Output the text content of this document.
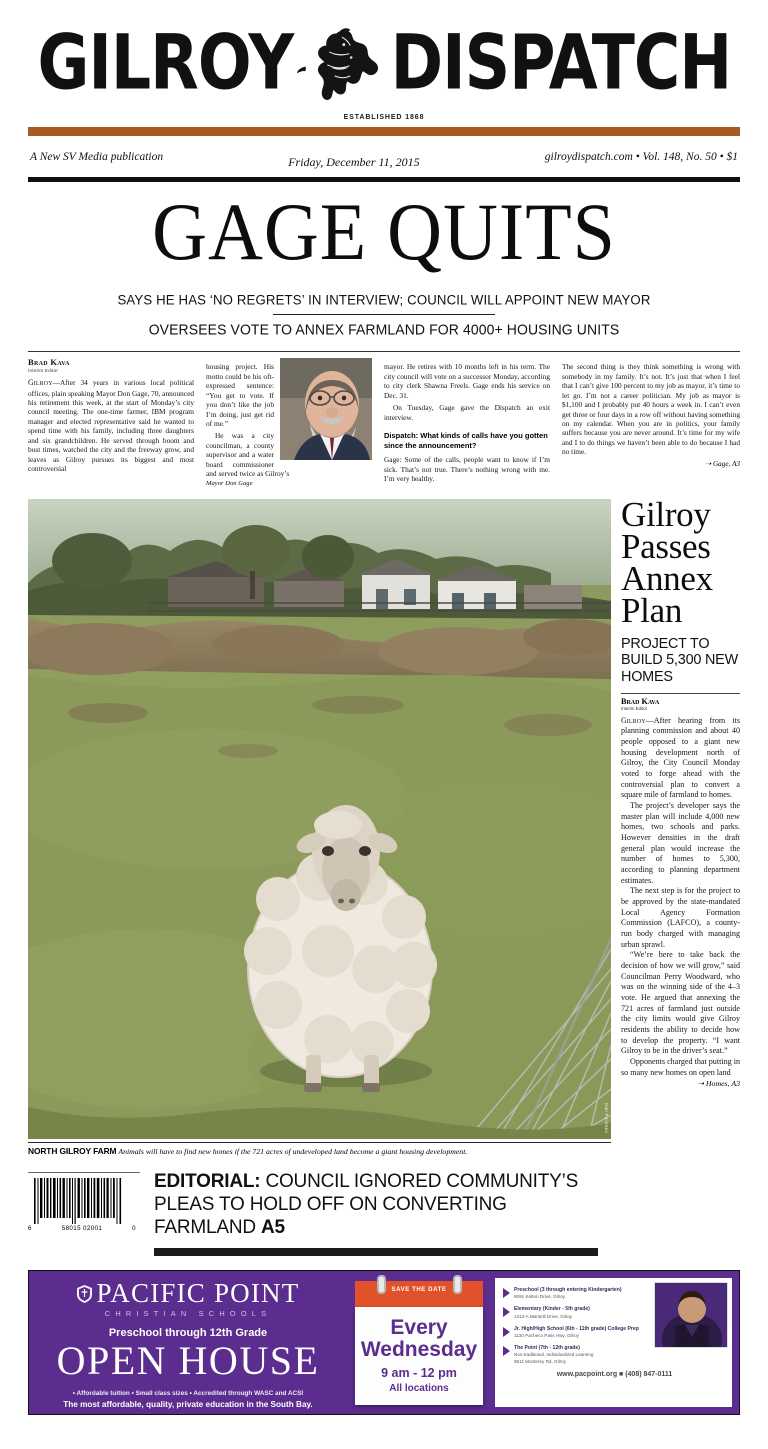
GILROY DISPATCH
ESTABLISHED 1868
A New SV Media publication	Friday, December 11, 2015	gilroydispatch.com • Vol. 148, No. 50 • $1
GAGE QUITS
SAYS HE HAS ‘NO REGRETS’ IN INTERVIEW; COUNCIL WILL APPOINT NEW MAYOR
OVERSEES VOTE TO ANNEX FARMLAND FOR 4000+ HOUSING UNITS
Brad Kava
Interim Editor
Gilroy—After 34 years in various local political offices, plain speaking Mayor Don Gage, 70, announced his retirement this week, at the start of Monday’s city council meeting. The one-time farmer, IBM program manager and elected representative said he wanted to spend time with his family, including three daughters and six grandchildren. He served through boom and bust times, watched the city and the freeway grow, and leaves as Gilroy pursues its biggest and most controversial
housing project. His motto could be his oft-expressed sentence: “You get to vote. If you don’t like the job I’m doing, just get rid of me.”
He was a city councilman, a county supervisor and a water board commissioner and served twice as Gilroy’s
Mayor Don Gage
mayor. He retires with 10 months left in his term. The city council will vote on a successor Monday, according to city clerk Shawna Freels. Gage ends his service on Dec. 31.
On Tuesday, Gage gave the Dispatch an exit interview.
Dispatch: What kinds of calls have you gotten since the announcement?
Gage: Some of the calls, people want to know if I’m sick. That’s not true. There’s nothing wrong with me. I’m very healthy.
The second thing is they think something is wrong with somebody in my family. It’s not. It’s just that when I feel that I can’t give 100 percent to my job as mayor, it’s time to let go. I’m not a career politician. My job as mayor is $1,100 and I probably put 40 hours a week in. I can’t even get three or four days in a row off without having something on my calendar. When you are in politics, your family suffers because you are never around. It’s time for my wife and I to do things we haven’t been able to do because I had no time.
➝ Gage, A3
Dan Pulcrano
NORTH GILROY FARM Animals will have to find new homes if the 721 acres of undeveloped land become a giant housing development.
Gilroy Passes Annex Plan
PROJECT TO BUILD 5,300 NEW HOMES
Brad Kava
Interim Editor
Gilroy—After hearing from its planning commission and about 40 people opposed to a giant new housing development north of Gilroy, the City Council Monday voted to forge ahead with the controversial plan to convert a square mile of farmland to homes.
The project’s developer says the master plan will include 4,000 new homes, two schools and parks. However densities in the draft general plan would increase the number of homes to 5,300, according to planning department estimates.
The next step is for the project to be approved by the state-mandated Local Agency Formation Commission (LAFCO), a county-run body charged with managing urban sprawl.
“We’re here to take back the decision of how we will grow,” said Councilman Perry Woodward, who was on the winning side of the 4–3 vote. He argued that annexing the 721 acres of farmland just outside the city limits would give Gilroy residents the ability to decide how to develop the property. “I want Gilroy to be in the driver’s seat.”
Opponents charged that putting in so many new homes on open land
➝ Homes, A3
6	58015 02001	0
EDITORIAL: COUNCIL IGNORED COMMUNITY’S PLEAS TO HOLD OFF ON CONVERTING FARMLAND A5
PACIFIC POINT
CHRISTIAN SCHOOLS
Preschool through 12th Grade
OPEN HOUSE
• Affordable tuition • Small class sizes • Accredited through WASC and ACSI
The most affordable, quality, private education in the South Bay.
SAVE THE DATE
Every Wednesday
9 am - 12 pm
All locations
Preschool (3 through entering Kindergarten)
8091 Kelton Drive, Gilroy
Elementary (Kinder - 5th grade)
1313-A Mantelli Drive, Gilroy
Jr. High/High School (6th - 11th grade) College Prep
1130 Pacheco Pass Hwy, Gilroy
The Point (7th - 12th grade)
Non-traditional, Individualized Learning
9511 Monterey Rd, Gilroy
www.pacpoint.org ■ (408) 847-0111
